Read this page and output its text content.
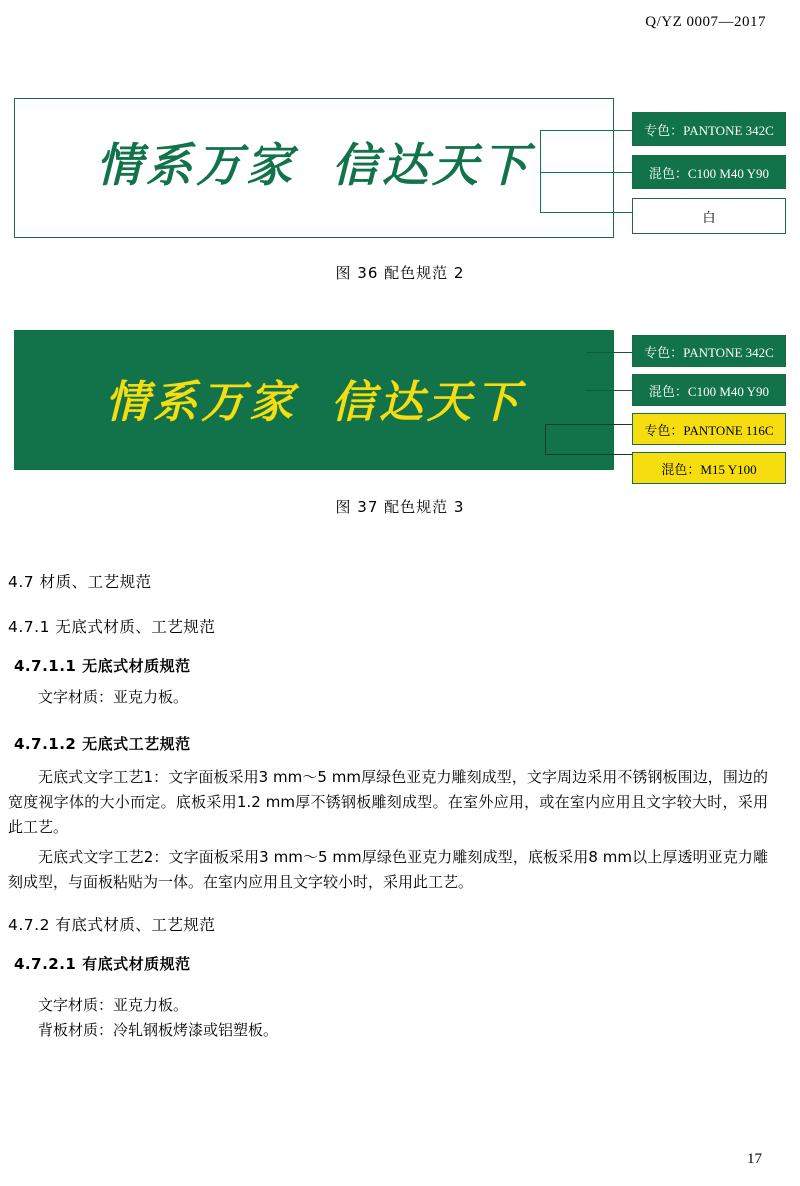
Q/YZ 0007—2017
情系万家 信达天下
专色：PANTONE 342C
混色：C100 M40 Y90
白
图 36 配色规范 2
情系万家 信达天下
专色：PANTONE 342C
混色：C100 M40 Y90
专色：PANTONE 116C
混色：M15 Y100
图 37 配色规范 3
4.7 材质、工艺规范
4.7.1 无底式材质、工艺规范
4.7.1.1 无底式材质规范
文字材质：亚克力板。
4.7.1.2 无底式工艺规范
无底式文字工艺1：文字面板采用3 mm～5 mm厚绿色亚克力雕刻成型，文字周边采用不锈钢板围边，围边的宽度视字体的大小而定。底板采用1.2 mm厚不锈钢板雕刻成型。在室外应用，或在室内应用且文字较大时，采用此工艺。
无底式文字工艺2：文字面板采用3 mm～5 mm厚绿色亚克力雕刻成型，底板采用8 mm以上厚透明亚克力雕刻成型，与面板粘贴为一体。在室内应用且文字较小时，采用此工艺。
4.7.2 有底式材质、工艺规范
4.7.2.1 有底式材质规范
文字材质：亚克力板。
背板材质：冷轧钢板烤漆或铝塑板。
17
